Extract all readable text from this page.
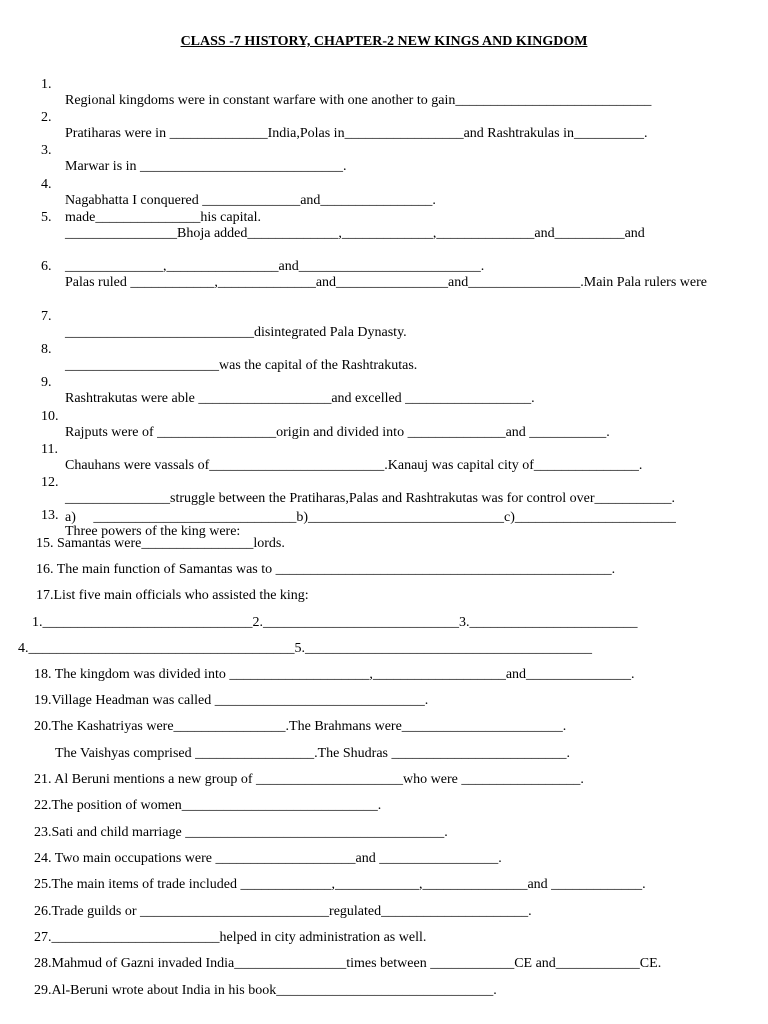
CLASS -7 HISTORY, CHAPTER-2 NEW KINGS AND KINGDOM

1.

Regional kingdoms were in constant warfare with one another to gain____________________________

2.

Pratiharas were in ______________India,Polas in_________________and Rashtrakulas in__________.

3.

Marwar is in _____________________________.

4.

Nagabhatta I conquered ______________and________________.

5.

________________Bhoja added_____________,_____________,______________and__________and

made_______________his capital.

6.

Palas ruled ____________,______________and________________and________________.Main Pala rulers were

______________,________________and__________________________.

7.

___________________________disintegrated Pala Dynasty.

8.

______________________was the capital of the Rashtrakutas.

9.

Rashtrakutas were able ___________________and excelled __________________.

10.

Rajputs were of _________________origin and divided into ______________and ___________.

11.

Chauhans were vassals of_________________________.Kanauj was capital city of_______________.

12.

_______________struggle between the Pratiharas,Palas and Rashtrakutas was for control over___________.

13.

Three powers of the king were:

a)     _____________________________b)____________________________c)_______________________

15. Samantas were________________lords.
16. The main function of Samantas was to ________________________________________________.
17.List five main officials who assisted the king:
1.______________________________2.____________________________3.________________________
4.______________________________________5._________________________________________
18. The kingdom was divided into ____________________,___________________and_______________.
19.Village Headman was called ______________________________.
20.The Kashatriyas were________________.The Brahmans were_______________________.
The Vaishyas comprised _________________.The Shudras _________________________.
21. Al Beruni mentions a new group of _____________________who were _________________.
22.The position of women____________________________.
23.Sati and child marriage _____________________________________.
24. Two main occupations were ____________________and _________________.
25.The main items of trade included _____________,____________,_______________and _____________.
26.Trade guilds or ___________________________regulated_____________________.
27.________________________helped in city administration as well.
28.Mahmud of Gazni invaded India________________times between ____________CE and____________CE.
29.Al-Beruni wrote about India in his book_______________________________.
